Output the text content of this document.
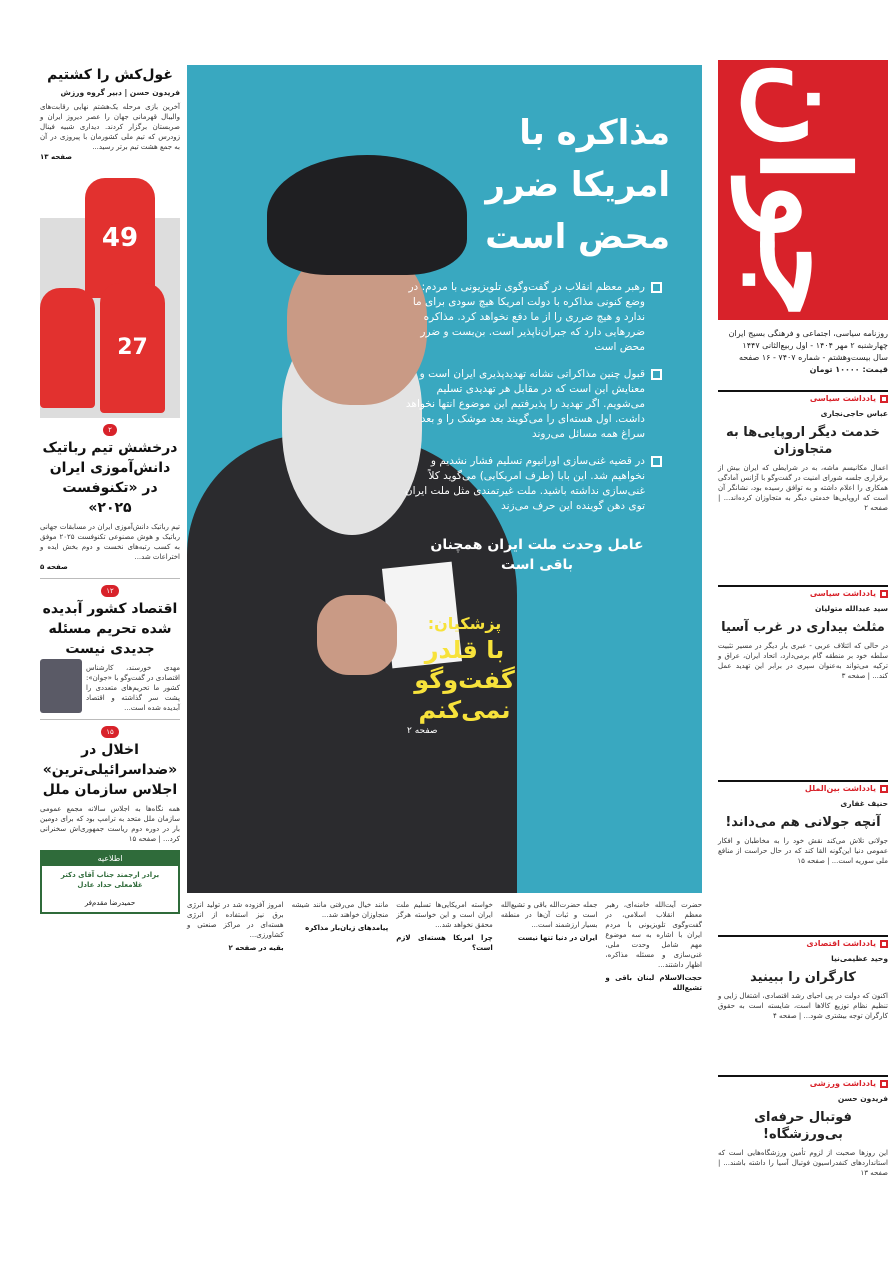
جوان
روزنامه سیاسی، اجتماعی و فرهنگی بسیج ایران
چهارشنبه ۲ مهر ۱۴۰۴ - اول ربیع‌الثانی ۱۴۴۷
سال بیست‌وهشتم - شماره ۷۴۰۷ - ۱۶ صفحه
قیمت: ۱۰۰۰۰ تومان
یادداشت سیاسی
عباس حاجی‌نجاری
خدمت دیگر اروپایی‌ها به متجاوزان
اعمال مکانیسم ماشه، به در شرایطی که ایران بیش از برقراری جلسه شورای امنیت در گفت‌وگو با آژانس آمادگی همکاری را اعلام داشته و به توافق رسیده بود، نشانگر آن است که اروپایی‌ها خدمتی دیگر به متجاوزان کرده‌اند... | صفحه ۲
یادداشت سیاسی
سید عبدالله متولیان
مثلث بیداری در غرب آسیا
در حالی که ائتلاف عربی - عبری بار دیگر در مسیر تثبیت سلطه خود بر منطقه گام برمی‌دارد، اتحاد ایران، عراق و ترکیه می‌تواند به‌عنوان سپری در برابر این تهدید عمل کند... | صفحه ۳
یادداشت بین‌الملل
حنیف غفاری
آنچه جولانی هم می‌داند!
جولانی تلاش می‌کند نقش خود را به مخاطبان و افکار عمومی دنیا این‌گونه القا کند که در حال حراست از منافع ملی سوریه است... | صفحه ۱۵
یادداشت اقتصادی
وحید عظیمی‌نیا
کارگران را ببینید
اکنون که دولت در پی احیای رشد اقتصادی، اشتغال زایی و تنظیم نظام توزیع کالاها است، شایسته است به حقوق کارگران توجه بیشتری شود... | صفحه ۴
یادداشت ورزشی
فریدون حسن
فوتبال حرفه‌ای بی‌ورزشگاه!
این روزها صحبت از لزوم تأمین ورزشگاه‌هایی است که استانداردهای کنفدراسیون فوتبال آسیا را داشته باشند... | صفحه ۱۳
مذاکره با امریکا ضرر محض است
رهبر معظم انقلاب در گفت‌وگوی تلویزیونی با مردم: در وضع کنونی مذاکره با دولت امریکا هیچ سودی برای ما ندارد و هیچ ضرری را از ما دفع نخواهد کرد. مذاکره ضررهایی دارد که جبران‌ناپذیر است. بن‌بست و ضرر محض است
قبول چنین مذاکراتی نشانه تهدیدپذیری ایران است و معنایش این است که در مقابل هر تهدیدی تسلیم می‌شویم. اگر تهدید را پذیرفتیم این موضوع انتها نخواهد داشت. اول هسته‌ای را می‌گویند بعد موشک را و بعد سراغ همه مسائل می‌روند
در قضیه غنی‌سازی اورانیوم تسلیم فشار نشدیم و نخواهیم شد. این بابا (طرف امریکایی) می‌گوید کلاً غنی‌سازی نداشته باشید. ملت غیرتمندی مثل ملت ایران توی دهن گوینده این حرف می‌زند
عامل وحدت ملت ایران همچنان باقی است
پزشکیان:
با قلدر گفت‌وگو نمی‌کنم
صفحه ۲
حضرت آیت‌الله خامنه‌ای، رهبر معظم انقلاب اسلامی، در گفت‌وگوی تلویزیونی با مردم ایران با اشاره به سه موضوع مهم شامل وحدت ملی، غنی‌سازی و مسئله مذاکره، اظهار داشتند...
حجت‌الاسلام لبنان باقی و تشیع‌الله
جمله حضرت‌الله باقی و تشیع‌الله است و ثبات آن‌ها در منطقه بسیار ارزشمند است...
ایران در دنیا تنها نیست
خواسته امریکایی‌ها تسلیم ملت ایران است و این خواسته هرگز محقق نخواهد شد...
چرا امریکا هسته‌ای لازم است؟
مانند خیال می‌رفتی مانند شیشه منجاوزان خواهند شد...
پیامدهای زیان‌بار مذاکره
امروز آفزوده شد در تولید انرژی برق نیز استفاده از انرژی هسته‌ای در مراکز صنعتی و کشاورزی...
بقیه در صفحه ۲
غول‌کش را کشتیم
فریدون حسن | دبیر گروه ورزش
آخرین بازی مرحله یک‌هشتم نهایی رقابت‌های والیبال قهرمانی جهان را عصر دیروز ایران و صربستان برگزار کردند. دیداری شبیه فینال زودرس که تیم ملی کشورمان با پیروزی در آن به جمع هشت تیم برتر رسید...
صفحه ۱۳
49
27
۲
درخشش تیم رباتیک دانش‌آموزی ایران در «تکنوفست ۲۰۲۵»
تیم رباتیک دانش‌آموزی ایران در مسابقات جهانی رباتیک و هوش مصنوعی تکنوفست ۲۰۲۵ موفق به کسب رتبه‌های نخست و دوم بخش ایده و اختراعات شد...
صفحه ۵
۱۲
اقتصاد کشور آبدیده شده تحریم مسئله جدیدی نیست
مهدی خورسند، کارشناس اقتصادی در گفت‌وگو با «جوان»: کشور ما تحریم‌های متعددی را پشت سر گذاشته و اقتصاد آبدیده شده است...
۱۵
اخلال در «ضداسرائیلی‌ترین» اجلاس سازمان ملل
همه نگاه‌ها به اجلاس سالانه مجمع عمومی سازمان ملل متحد به ترامپ بود که برای دومین بار در دوره دوم ریاست جمهوری‌اش سخنرانی کرد... | صفحه ۱۵
اطلاعیه
برادر ارجمند جناب آقای دکتر غلامعلی حداد عادل
حمیدرضا مقدم‌فر
